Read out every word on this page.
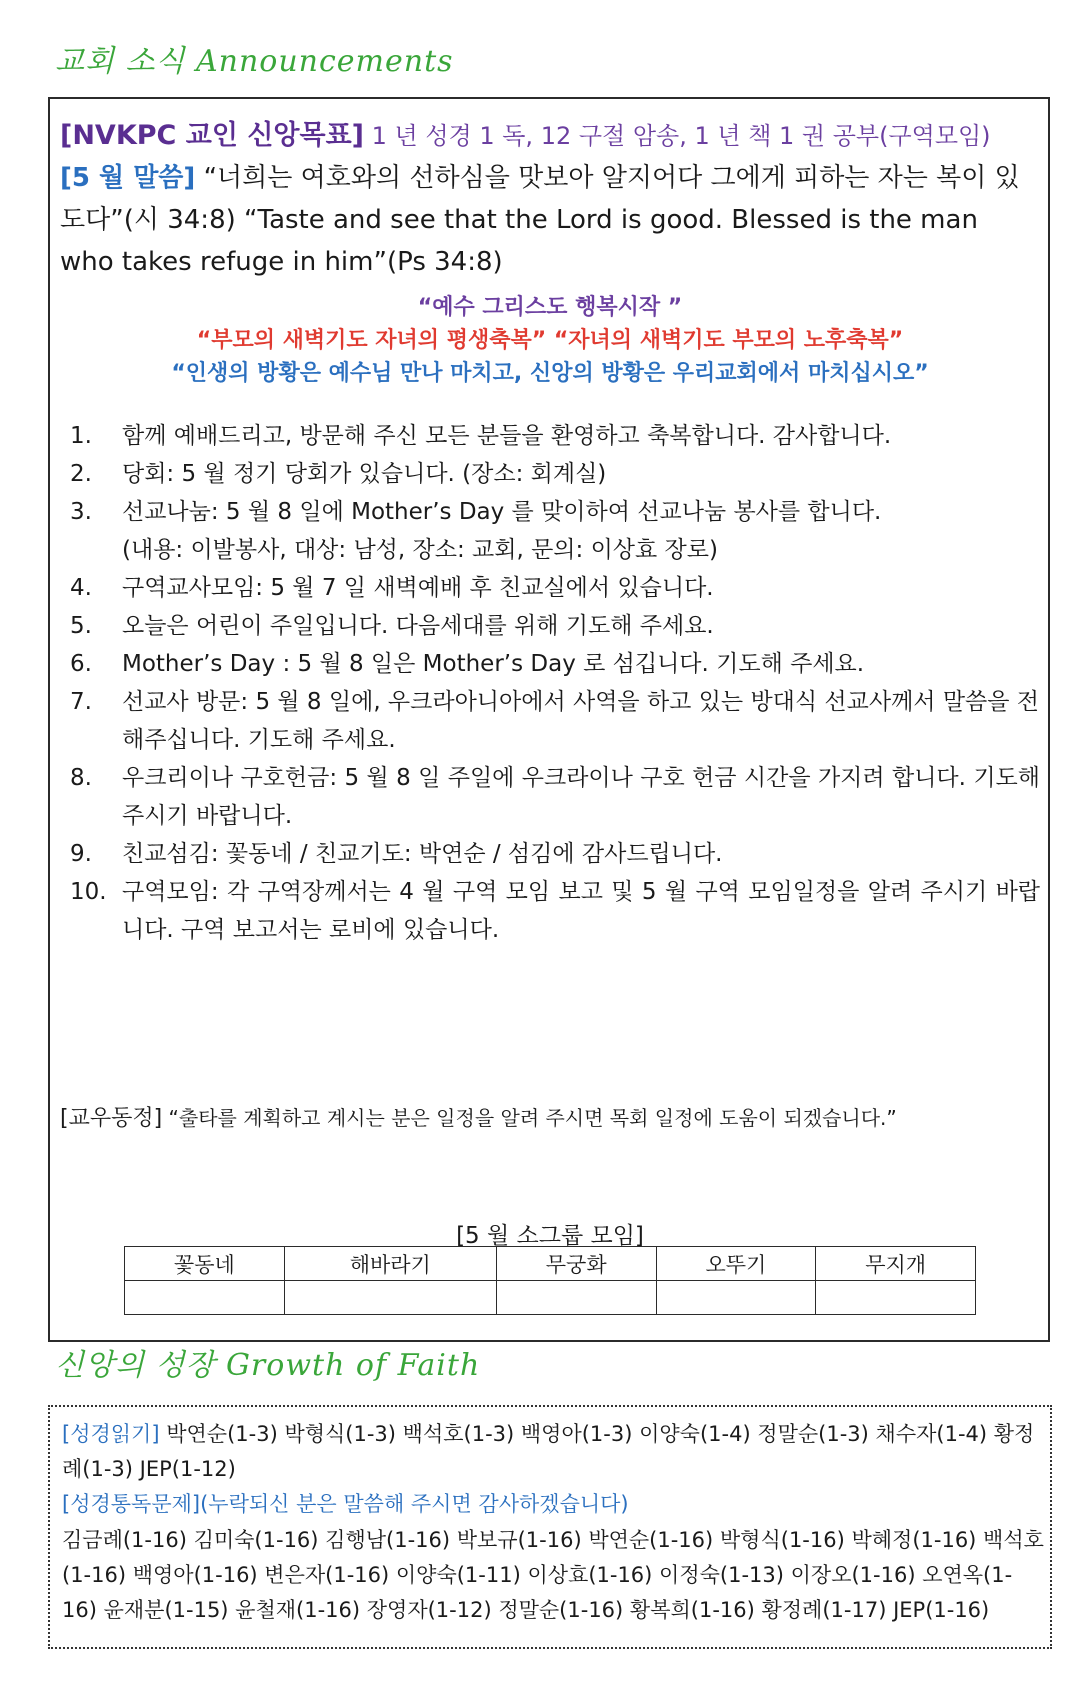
교회 소식 Announcements
[NVKPC 교인 신앙목표] 1 년 성경 1 독, 12 구절 암송, 1 년 책 1 권 공부(구역모임)
[5 월 말씀] “너희는 여호와의 선하심을 맛보아 알지어다 그에게 피하는 자는 복이 있도다”(시 34:8) “Taste and see that the Lord is good. Blessed is the man who takes refuge in him”(Ps 34:8)
“예수 그리스도 행복시작 ”
“부모의 새벽기도 자녀의 평생축복” “자녀의 새벽기도 부모의 노후축복”
“인생의 방황은 예수님 만나 마치고, 신앙의 방황은 우리교회에서 마치십시오”
1. 함께 예배드리고, 방문해 주신 모든 분들을 환영하고 축복합니다. 감사합니다.
2. 당회: 5 월 정기 당회가 있습니다. (장소: 회계실)
3. 선교나눔: 5 월 8 일에 Mother’s Day 를 맞이하여 선교나눔 봉사를 합니다.
(내용: 이발봉사, 대상: 남성, 장소: 교회, 문의: 이상효 장로)
4. 구역교사모임: 5 월 7 일 새벽예배 후 친교실에서 있습니다.
5. 오늘은 어린이 주일입니다. 다음세대를 위해 기도해 주세요.
6. Mother’s Day : 5 월 8 일은 Mother’s Day 로 섬깁니다. 기도해 주세요.
7. 선교사 방문: 5 월 8 일에, 우크라아니아에서 사역을 하고 있는 방대식 선교사께서 말씀을 전해주십니다. 기도해 주세요.
8. 우크리이나 구호헌금: 5 월 8 일 주일에 우크라이나 구호 헌금 시간을 가지려 합니다. 기도해 주시기 바랍니다.
9. 친교섬김: 꽃동네 / 친교기도: 박연순 / 섬김에 감사드립니다.
10. 구역모임: 각 구역장께서는 4 월 구역 모임 보고 및 5 월 구역 모임일정을 알려 주시기 바랍니다. 구역 보고서는 로비에 있습니다.
[교우동정] “출타를 계획하고 계시는 분은 일정을 알려 주시면 목회 일정에 도움이 되겠습니다.”
[5 월 소그룹 모임]
꽃동네	해바라기	무궁화	오뚜기	무지개

신앙의 성장 Growth of Faith
[성경읽기] 박연순(1-3) 박형식(1-3) 백석호(1-3) 백영아(1-3) 이양숙(1-4) 정말순(1-3) 채수자(1-4) 황정례(1-3) JEP(1-12)
[성경통독문제](누락되신 분은 말씀해 주시면 감사하겠습니다)
김금례(1-16) 김미숙(1-16) 김행남(1-16) 박보규(1-16) 박연순(1-16) 박형식(1-16) 박혜정(1-16) 백석호(1-16) 백영아(1-16) 변은자(1-16) 이양숙(1-11) 이상효(1-16) 이정숙(1-13) 이장오(1-16) 오연옥(1-16) 윤재분(1-15) 윤철재(1-16) 장영자(1-12) 정말순(1-16) 황복희(1-16) 황정례(1-17) JEP(1-16)
